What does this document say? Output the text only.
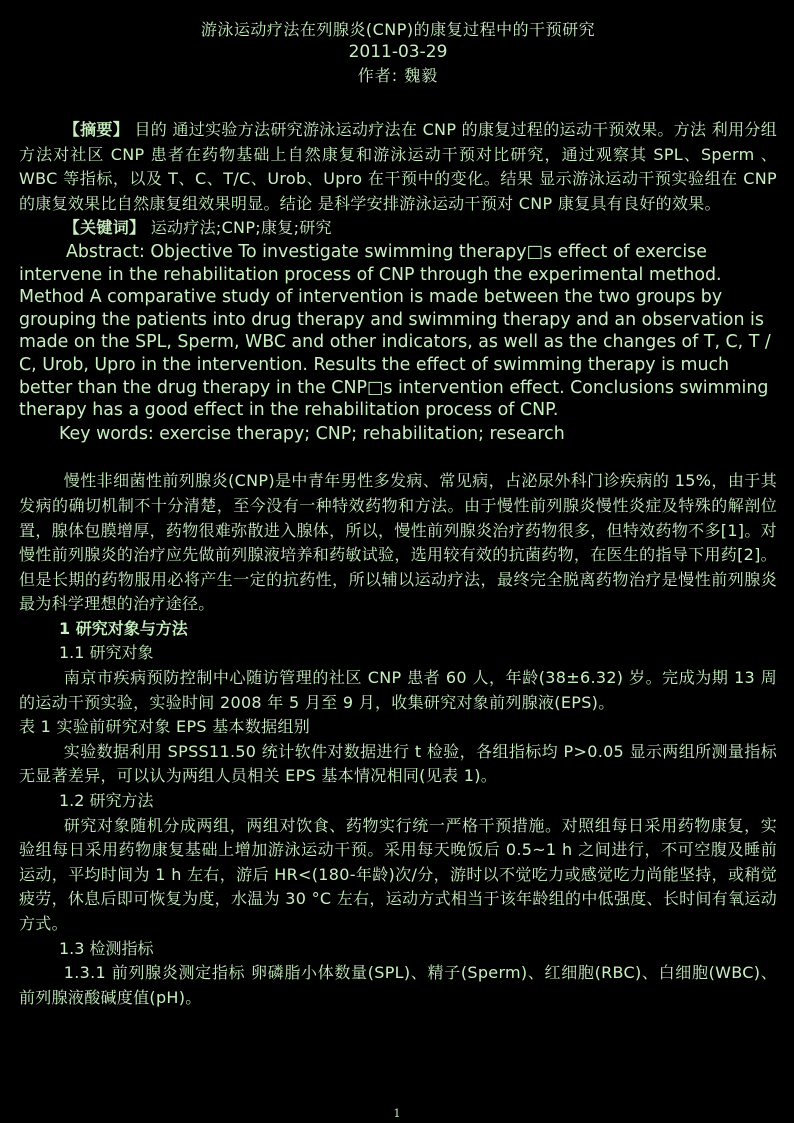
游泳运动疗法在列腺炎(CNP)的康复过程中的干预研究
2011-03-29
作者: 魏毅

【摘要】 目的 通过实验方法研究游泳运动疗法在 CNP 的康复过程的运动干预效果。方法 利用分组方法对社区 CNP 患者在药物基础上自然康复和游泳运动干预对比研究，通过观察其 SPL、Sperm 、WBC 等指标，以及 T、C、T/C、Urob、Upro 在干预中的变化。结果 显示游泳运动干预实验组在 CNP 的康复效果比自然康复组效果明显。结论 是科学安排游泳运动干预对 CNP 康复具有良好的效果。

【关键词】 运动疗法;CNP;康复;研究

Abstract: Objective To investigate swimming therapy□s effect of exercise intervene in the rehabilitation process of CNP through the experimental method. Method A comparative study of intervention is made between the two groups by grouping the patients into drug therapy and swimming therapy and an observation is made on the SPL, Sperm, WBC and other indicators, as well as the changes of T, C, T / C, Urob, Upro in the intervention. Results the effect of swimming therapy is much better than the drug therapy in the CNP□s intervention effect. Conclusions swimming therapy has a good effect in the rehabilitation process of CNP.

Key words: exercise therapy; CNP; rehabilitation; research

慢性非细菌性前列腺炎(CNP)是中青年男性多发病、常见病，占泌尿外科门诊疾病的 15%，由于其发病的确切机制不十分清楚，至今没有一种特效药物和方法。由于慢性前列腺炎慢性炎症及特殊的解剖位置，腺体包膜增厚，药物很难弥散进入腺体，所以，慢性前列腺炎治疗药物很多，但特效药物不多[1]。对慢性前列腺炎的治疗应先做前列腺液培养和药敏试验，选用较有效的抗菌药物，在医生的指导下用药[2]。但是长期的药物服用必将产生一定的抗药性，所以辅以运动疗法，最终完全脱离药物治疗是慢性前列腺炎最为科学理想的治疗途径。

1 研究对象与方法

1.1 研究对象

南京市疾病预防控制中心随访管理的社区 CNP 患者 60 人，年龄(38±6.32) 岁。完成为期 13 周的运动干预实验，实验时间 2008 年 5 月至 9 月，收集研究对象前列腺液(EPS)。

表 1 实验前研究对象 EPS 基本数据组别

实验数据利用 SPSS11.50 统计软件对数据进行 t 检验，各组指标均 P>0.05 显示两组所测量指标无显著差异，可以认为两组人员相关 EPS 基本情况相同(见表 1)。

1.2 研究方法

研究对象随机分成两组，两组对饮食、药物实行统一严格干预措施。对照组每日采用药物康复，实验组每日采用药物康复基础上增加游泳运动干预。采用每天晚饭后 0.5~1 h 之间进行，不可空腹及睡前运动，平均时间为 1 h 左右，游后 HR<(180-年龄)次/分，游时以不觉吃力或感觉吃力尚能坚持，或稍觉疲劳，休息后即可恢复为度，水温为 30 °C 左右，运动方式相当于该年龄组的中低强度、长时间有氧运动方式。

1.3 检测指标

1.3.1 前列腺炎测定指标 卵磷脂小体数量(SPL)、精子(Sperm)、红细胞(RBC)、白细胞(WBC)、前列腺液酸碱度值(pH)。

1
